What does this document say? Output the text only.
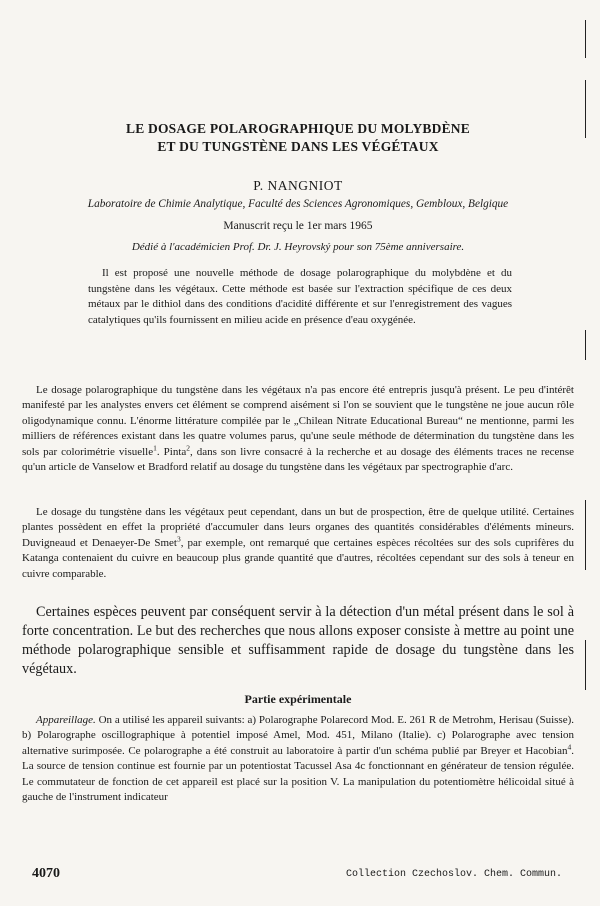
LE DOSAGE POLAROGRAPHIQUE DU MOLYBDÈNE
ET DU TUNGSTÈNE DANS LES VÉGÉTAUX
P. NANGNIOT
Laboratoire de Chimie Analytique, Faculté des Sciences Agronomiques, Gembloux, Belgique
Manuscrit reçu le 1er mars 1965
Dédié à l'académicien Prof. Dr. J. Heyrovský pour son 75ème anniversaire.

Il est proposé une nouvelle méthode de dosage polarographique du molybdène et du tungstène dans les végétaux. Cette méthode est basée sur l'extraction spécifique de ces deux métaux par le dithiol dans des conditions d'acidité différente et sur l'enregistrement des vagues catalytiques qu'ils fournissent en milieu acide en présence d'eau oxygénée.

Le dosage polarographique du tungstène dans les végétaux n'a pas encore été entrepris jusqu'à présent. Le peu d'intérêt manifesté par les analystes envers cet élément se comprend aisément si l'on se souvient que le tungstène ne joue aucun rôle oligodynamique connu. L'énorme littérature compilée par le „Chilean Nitrate Educational Bureau“ ne mentionne, parmi les milliers de références existant dans les quatre volumes parus, qu'une seule méthode de détermination du tungstène dans les sols par colorimétrie visuelle$^1$. Pinta$^2$, dans son livre consacré à la recherche et au dosage des éléments traces ne recense qu'un article de Vanselow et Bradford relatif au dosage du tungstène dans les végétaux par spectrographie d'arc.

Le dosage du tungstène dans les végétaux peut cependant, dans un but de prospection, être de quelque utilité. Certaines plantes possèdent en effet la propriété d'accumuler dans leurs organes des quantités considérables d'éléments mineurs. Duvigneaud et Denaeyer-De Smet$^3$, par exemple, ont remarqué que certaines espèces récoltées sur des sols cuprifères du Katanga contenaient du cuivre en beaucoup plus grande quantité que d'autres, récoltées cependant sur des sols à teneur en cuivre comparable.

Certaines espèces peuvent par conséquent servir à la détection d'un métal présent dans le sol à forte concentration. Le but des recherches que nous allons exposer consiste à mettre au point une méthode polarographique sensible et suffisamment rapide de dosage du tungstène dans les végétaux.

Partie expérimentale

Appareillage. On a utilisé les appareil suivants: a) Polarographe Polarecord Mod. E. 261 R de Metrohm, Herisau (Suisse). b) Polarographe oscillographique à potentiel imposé Amel, Mod. 451, Milano (Italie). c) Polarographe avec tension alternative surimposée. Ce polarographe a été construit au laboratoire à partir d'un schéma publié par Breyer et Hacobian$^4$. La source de tension continue est fournie par un potentiostat Tacussel Asa 4c fonctionnant en générateur de tension régulée. Le commutateur de fonction de cet appareil est placé sur la position V. La manipulation du potentiomètre hélicoidal situé à gauche de l'instrument indicateur

4070	Collection Czechoslov. Chem. Commun.
